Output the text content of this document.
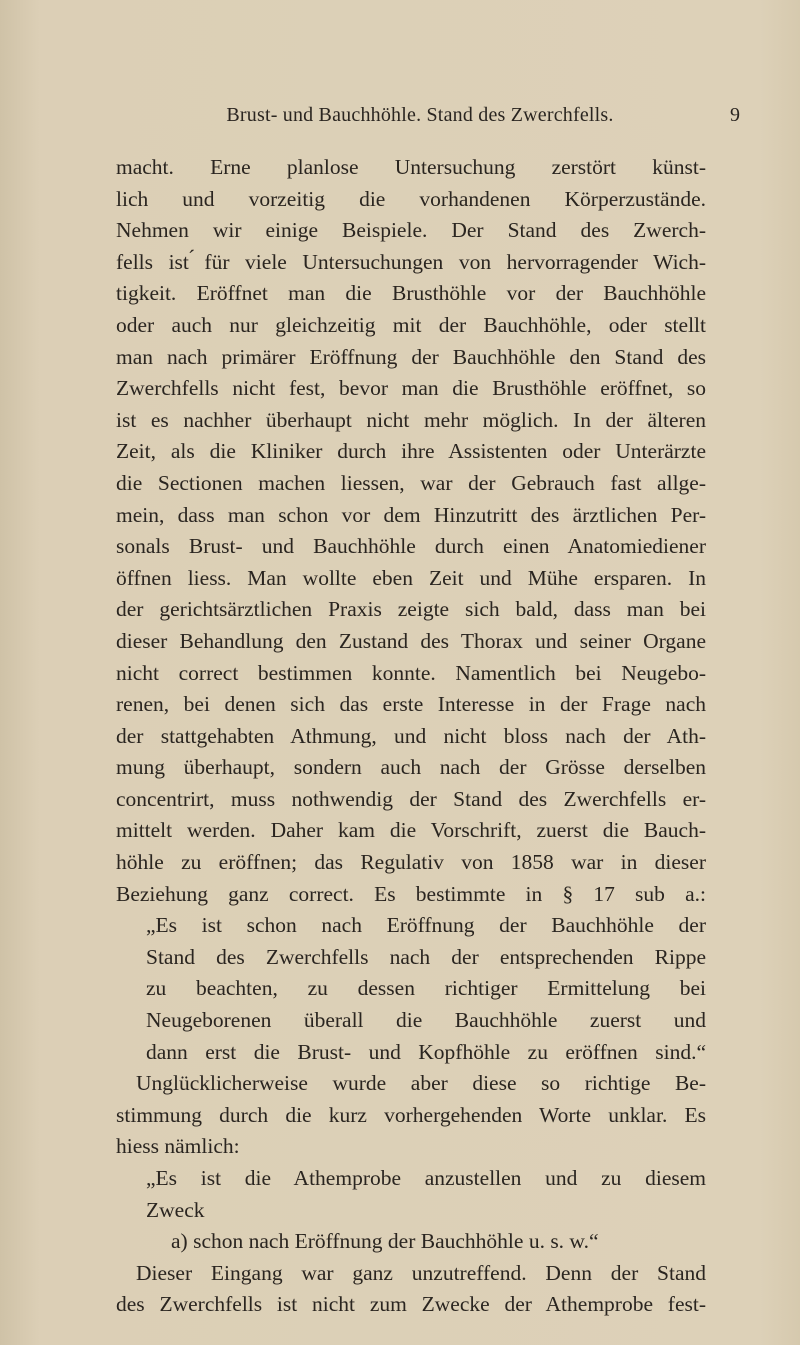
Brust- und Bauchhöhle. Stand des Zwerchfells.	9
macht. Erne planlose Untersuchung zerstört künst-
lich und vorzeitig die vorhandenen Körperzustände.
Nehmen wir einige Beispiele. Der Stand des Zwerch-
fells ist ́für viele Untersuchungen von hervorragender Wich-
tigkeit. Eröffnet man die Brusthöhle vor der Bauchhöhle
oder auch nur gleichzeitig mit der Bauchhöhle, oder stellt
man nach primärer Eröffnung der Bauchhöhle den Stand des
Zwerchfells nicht fest, bevor man die Brusthöhle eröffnet, so
ist es nachher überhaupt nicht mehr möglich. In der älteren
Zeit, als die Kliniker durch ihre Assistenten oder Unterärzte
die Sectionen machen liessen, war der Gebrauch fast allge-
mein, dass man schon vor dem Hinzutritt des ärztlichen Per-
sonals Brust- und Bauchhöhle durch einen Anatomiediener
öffnen liess. Man wollte eben Zeit und Mühe ersparen. In
der gerichtsärztlichen Praxis zeigte sich bald, dass man bei
dieser Behandlung den Zustand des Thorax und seiner Organe
nicht correct bestimmen konnte. Namentlich bei Neugebo-
renen, bei denen sich das erste Interesse in der Frage nach
der stattgehabten Athmung, und nicht bloss nach der Ath-
mung überhaupt, sondern auch nach der Grösse derselben
concentrirt, muss nothwendig der Stand des Zwerchfells er-
mittelt werden. Daher kam die Vorschrift, zuerst die Bauch-
höhle zu eröffnen; das Regulativ von 1858 war in dieser
Beziehung ganz correct. Es bestimmte in § 17 sub a.:
„Es ist schon nach Eröffnung der Bauchhöhle der
Stand des Zwerchfells nach der entsprechenden Rippe
zu beachten, zu dessen richtiger Ermittelung bei
Neugeborenen überall die Bauchhöhle zuerst und
dann erst die Brust- und Kopfhöhle zu eröffnen sind.“
Unglücklicherweise wurde aber diese so richtige Be-
stimmung durch die kurz vorhergehenden Worte unklar. Es
hiess nämlich:
„Es ist die Athemprobe anzustellen und zu diesem
Zweck
a) schon nach Eröffnung der Bauchhöhle u. s. w.“
Dieser Eingang war ganz unzutreffend. Denn der Stand
des Zwerchfells ist nicht zum Zwecke der Athemprobe fest-
